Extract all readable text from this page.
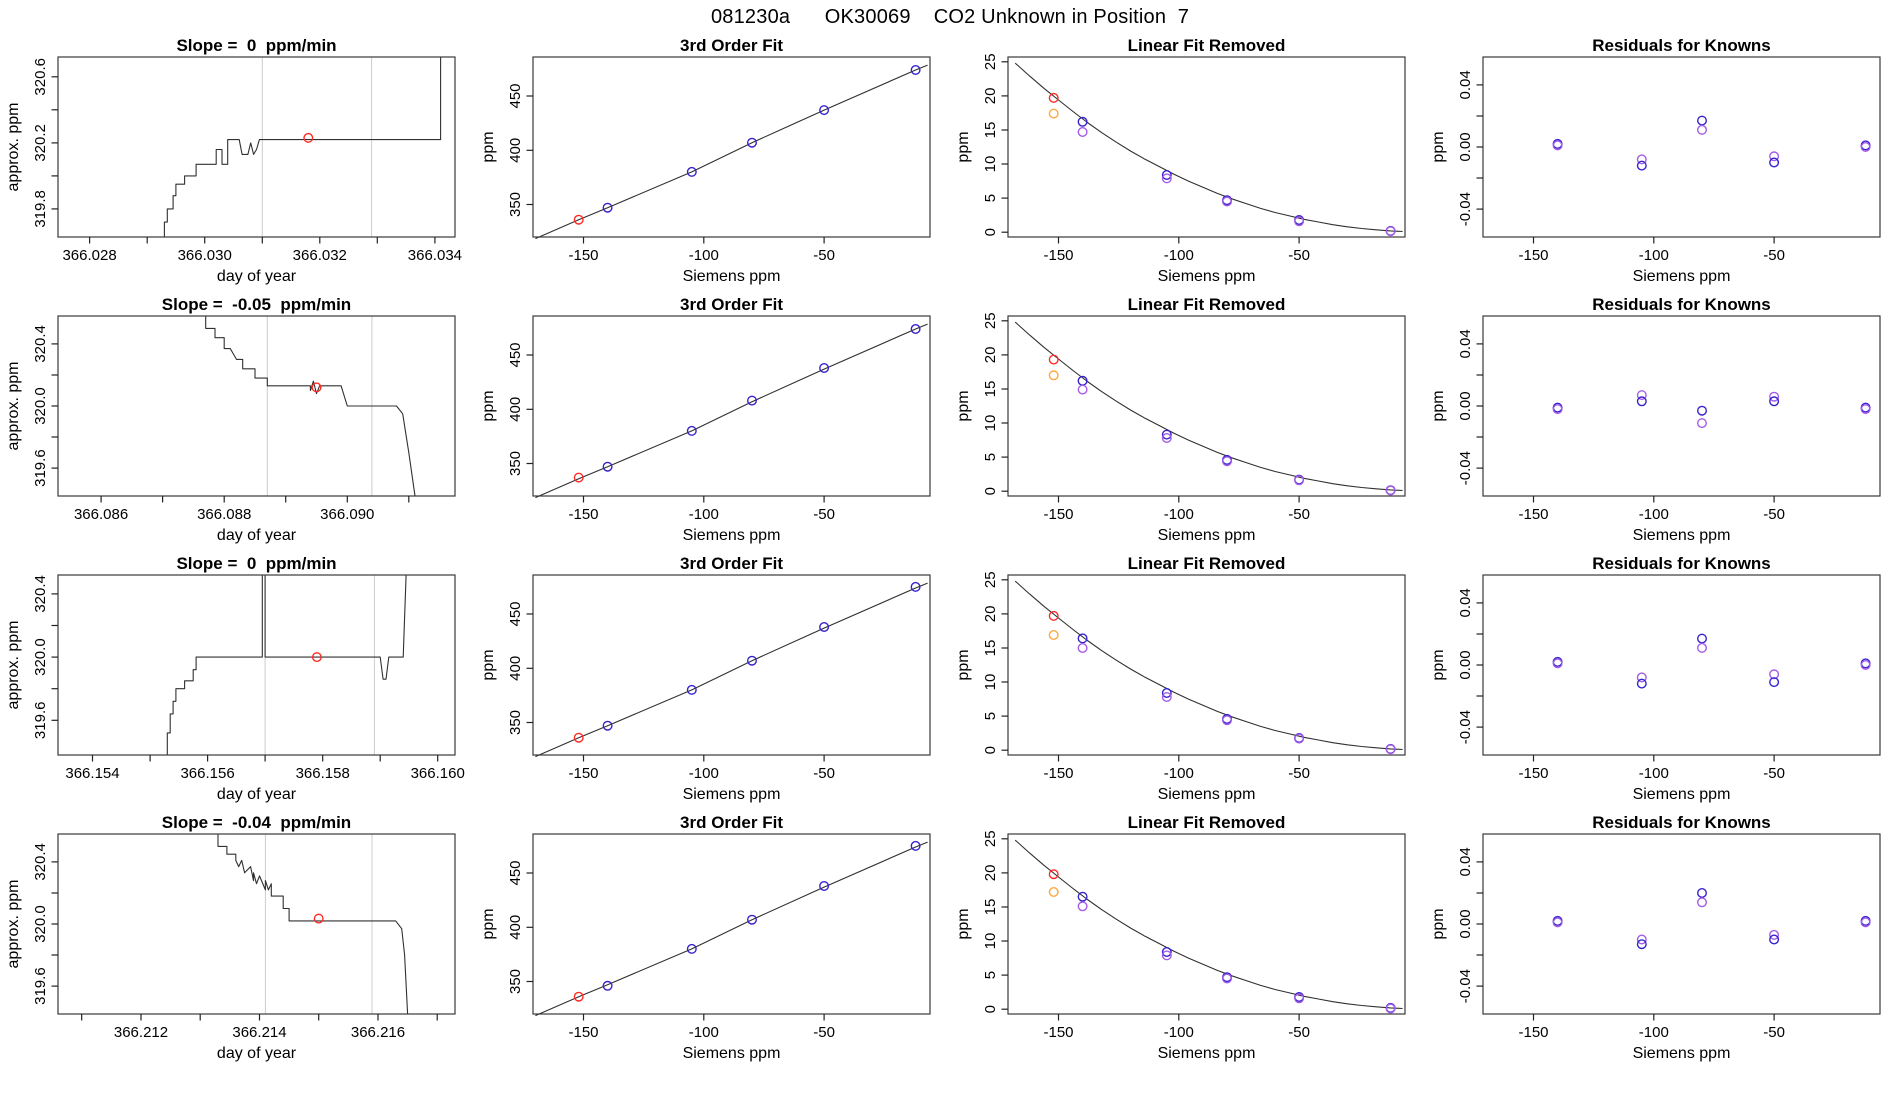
081230a      OK30069    CO2 Unknown in Position  7
366.028	366.030	366.032	366.034
319.8
320.2
320.6
day of year
approx. ppm
Slope =  0  ppm/min
-150	-100	-50
350
400
450
Siemens ppm
ppm
3rd Order Fit
-150	-100	-50
0
5
10
15
20
25
Siemens ppm
ppm
Linear Fit Removed
-150	-100	-50
-0.04
0.00
0.04
Siemens ppm
ppm
Residuals for Knowns
366.086	366.088	366.090
319.6
320.0
320.4
day of year
approx. ppm
Slope =  -0.05  ppm/min
-150	-100	-50
350
400
450
Siemens ppm
ppm
3rd Order Fit
-150	-100	-50
0
5
10
15
20
25
Siemens ppm
ppm
Linear Fit Removed
-150	-100	-50
-0.04
0.00
0.04
Siemens ppm
ppm
Residuals for Knowns
366.154	366.156	366.158	366.160
319.6
320.0
320.4
day of year
approx. ppm
Slope =  0  ppm/min
-150	-100	-50
350
400
450
Siemens ppm
ppm
3rd Order Fit
-150	-100	-50
0
5
10
15
20
25
Siemens ppm
ppm
Linear Fit Removed
-150	-100	-50
-0.04
0.00
0.04
Siemens ppm
ppm
Residuals for Knowns
366.212	366.214	366.216
319.6
320.0
320.4
day of year
approx. ppm
Slope =  -0.04  ppm/min
-150	-100	-50
350
400
450
Siemens ppm
ppm
3rd Order Fit
-150	-100	-50
0
5
10
15
20
25
Siemens ppm
ppm
Linear Fit Removed
-150	-100	-50
-0.04
0.00
0.04
Siemens ppm
ppm
Residuals for Knowns
